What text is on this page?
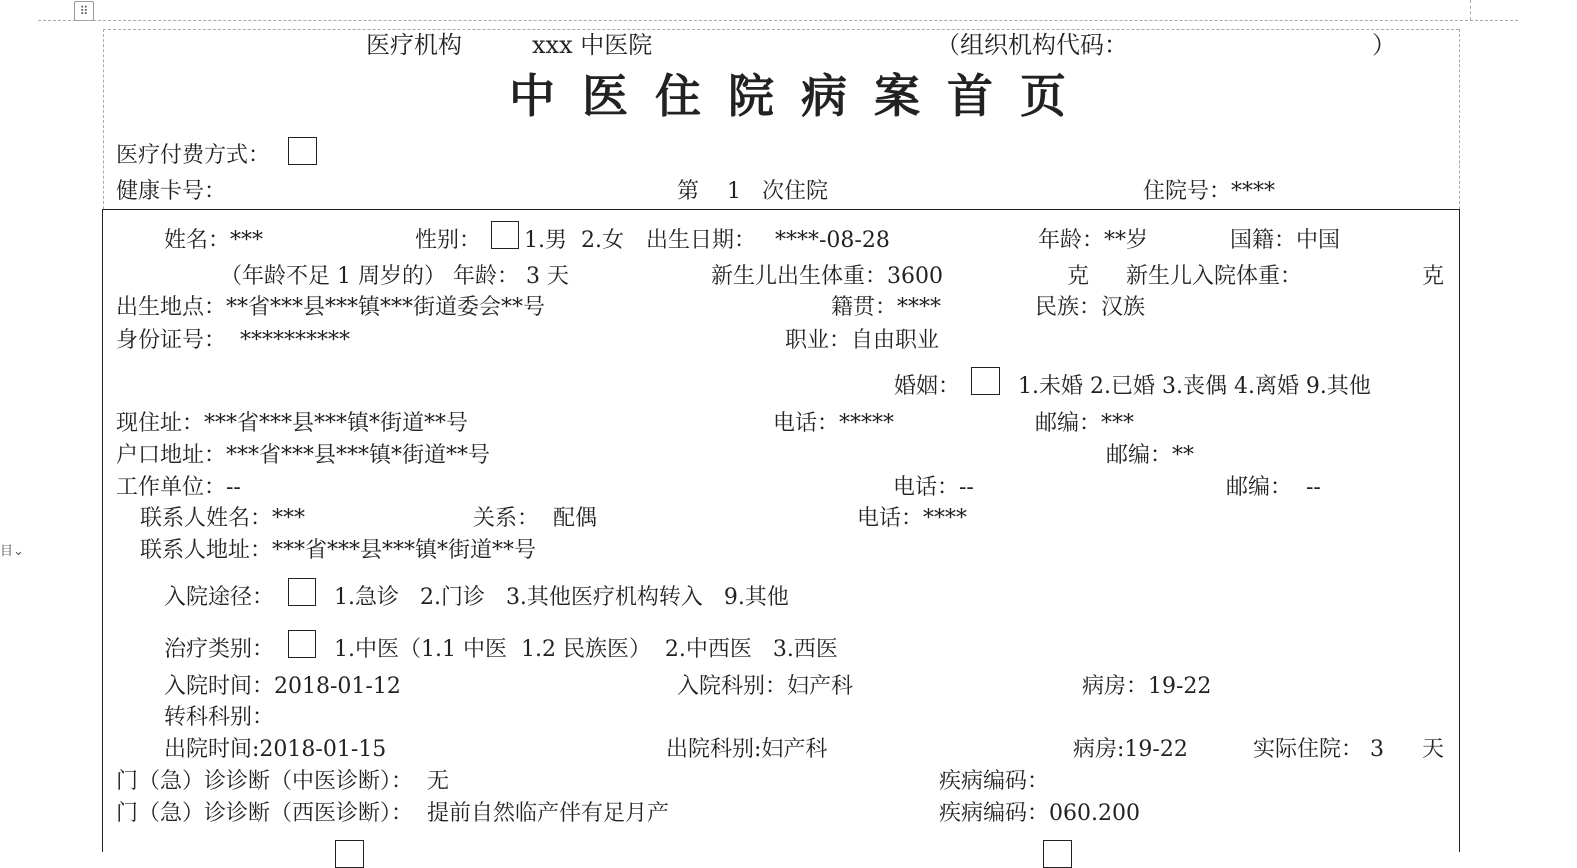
⠿
目⌄
医疗机构	xxx 中医院	（组织机构代码：	）
中医住院病案首页
医疗付费方式：
健康卡号：	第    1   次住院	住院号：****
姓名：***	性别： 1.男  2.女 出生日期： ****-08-28	年龄：**岁	国籍：中国
（年龄不足 1 周岁的） 年龄： 3 天	新生儿出生体重：3600	克 新生儿入院体重：	克
出生地点：**省***县***镇***街道委会**号	籍贯：****	民族：汉族
身份证号：  **********	职业：自由职业
婚姻：	1.未婚 2.已婚 3.丧偶 4.离婚 9.其他
现住址：***省***县***镇*街道**号	电话：*****	邮编：***
户口地址：***省***县***镇*街道**号	邮编：**
工作单位：--	电话：--	邮编：  --
联系人姓名：***	关系：  配偶	电话：****
联系人地址：***省***县***镇*街道**号
入院途径：	1.急诊   2.门诊   3.其他医疗机构转入   9.其他
治疗类别：	1.中医（1.1 中医  1.2 民族医）  2.中西医   3.西医
入院时间：2018-01-12	入院科别：妇产科	病房：19-22
转科科别：
出院时间:2018-01-15	出院科别:妇产科	病房:19-22	实际住院： 3 天
门（急）诊诊断（中医诊断）：  无	疾病编码：
门（急）诊诊断（西医诊断）：  提前自然临产伴有足月产	疾病编码：060.200
